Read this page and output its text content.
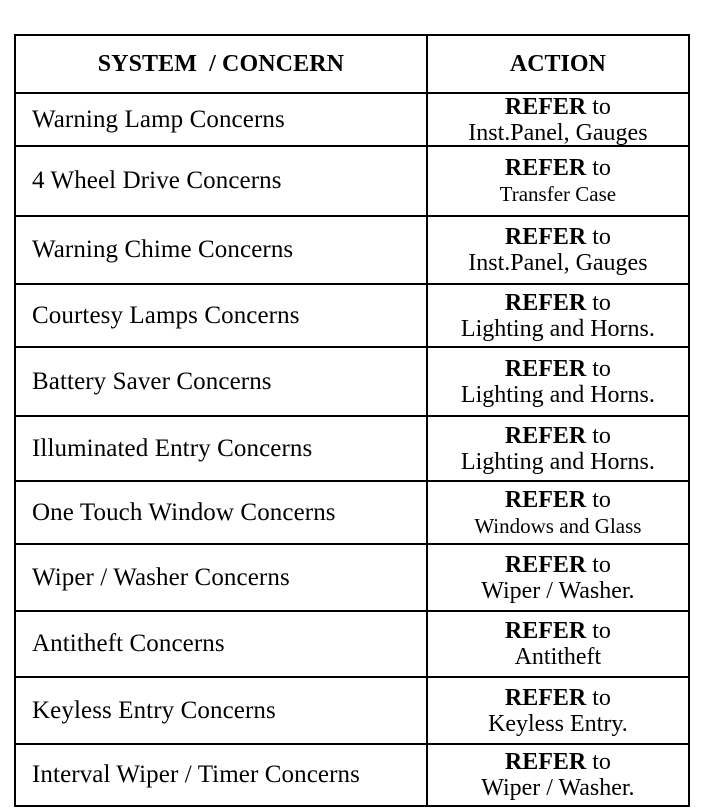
SYSTEM  / CONCERN	ACTION
Warning Lamp Concerns	REFER to
Inst.Panel, Gauges
4 Wheel Drive Concerns	REFER to
Transfer Case
Warning Chime Concerns	REFER to
Inst.Panel, Gauges
Courtesy Lamps Concerns	REFER to
Lighting and Horns.
Battery Saver Concerns	REFER to
Lighting and Horns.
Illuminated Entry Concerns	REFER to
Lighting and Horns.
One Touch Window Concerns	REFER to
Windows and Glass
Wiper / Washer Concerns	REFER to
Wiper / Washer.
Antitheft Concerns	REFER to
Antitheft
Keyless Entry Concerns	REFER to
Keyless Entry.
Interval Wiper / Timer Concerns	REFER to
Wiper / Washer.
